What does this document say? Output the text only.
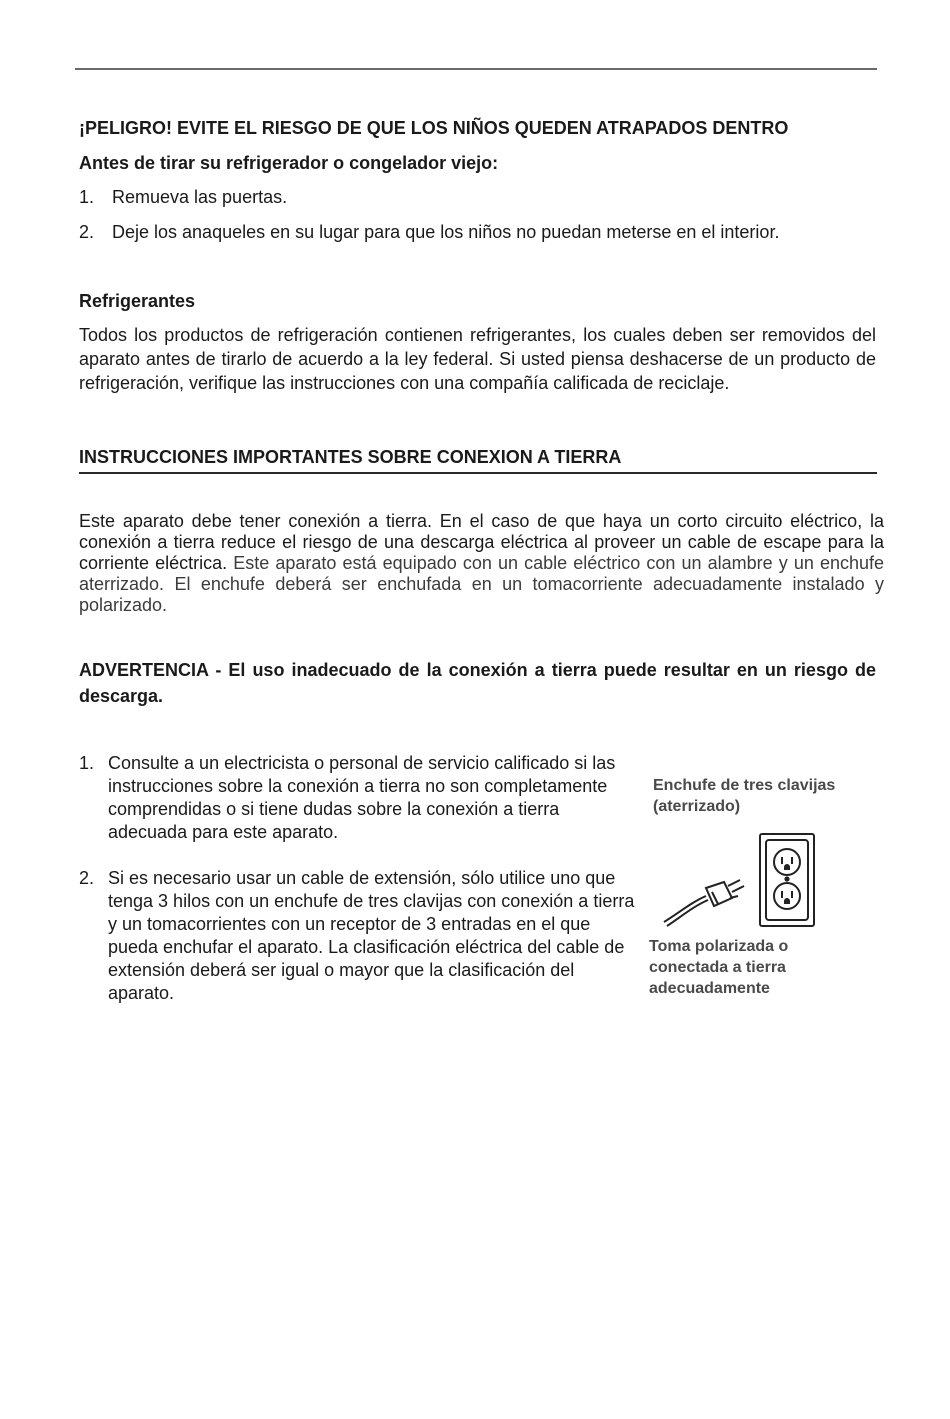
¡PELIGRO! EVITE EL RIESGO DE QUE LOS NIÑOS QUEDEN ATRAPADOS DENTRO
Antes de tirar su refrigerador o congelador viejo:
1. Remueva las puertas.
2. Deje los anaqueles en su lugar para que los niños no puedan meterse en el interior.
Refrigerantes
Todos los productos de refrigeración contienen refrigerantes, los cuales deben ser removidos del aparato antes de tirarlo de acuerdo a la ley federal. Si usted piensa deshacerse de un producto de refrigeración, verifique las instrucciones con una compañía calificada de reciclaje.
INSTRUCCIONES IMPORTANTES SOBRE CONEXION A TIERRA
Este aparato debe tener conexión a tierra. En el caso de que haya un corto circuito eléctrico, la conexión a tierra reduce el riesgo de una descarga eléctrica al proveer un cable de escape para la corriente eléctrica. Este aparato está equipado con un cable eléctrico con un alambre y un enchufe aterrizado. El enchufe deberá ser enchufada en un tomacorriente adecuadamente instalado y polarizado.
ADVERTENCIA - El uso inadecuado de la conexión a tierra puede resultar en un riesgo de descarga.
1. Consulte a un electricista o personal de servicio calificado si las instrucciones sobre la conexión a tierra no son completamente comprendidas o si tiene dudas sobre la conexión a tierra adecuada para este aparato.
2. Si es necesario usar un cable de extensión, sólo utilice uno que tenga 3 hilos con un enchufe de tres clavijas con conexión a tierra y un tomacorrientes con un receptor de 3 entradas en el que pueda enchufar el aparato. La clasificación eléctrica del cable de extensión deberá ser igual o mayor que la clasificación del aparato.
Enchufe de tres clavijas (aterrizado)
Toma polarizada o conectada a tierra adecuadamente
